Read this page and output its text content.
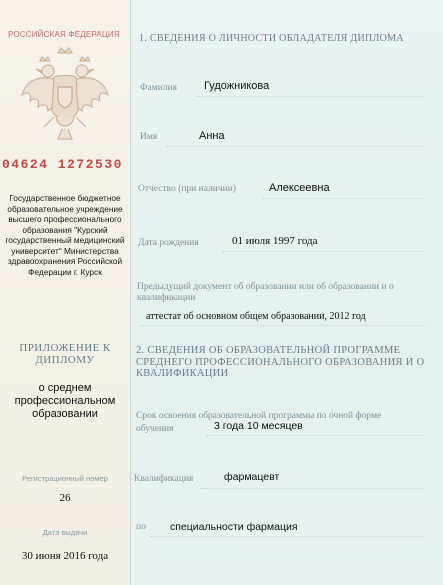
РОССИЙСКАЯ ФЕДЕРАЦИЯ
04624 1272530
Государственное бюджетное образовательное учреждение высшего профессионального образования "Курский государственный медицинский университет" Министерства здравоохранения Российской Федерации г. Курск
ПРИЛОЖЕНИЕ К ДИПЛОМУ
о среднем профессиональном образовании
Регистрационный номер
26
Дата выдачи
30 июня 2016 года
1. СВЕДЕНИЯ О ЛИЧНОСТИ ОБЛАДАТЕЛЯ ДИПЛОМА
Фамилия Гудожникова
Имя	Анна
Отчество (при наличии)	Алексеевна
Дата рождения	01 июля 1997 года
Предыдущий документ об образовании или об образовании и о квалификации
аттестат об основном общем образовании, 2012 год
2. СВЕДЕНИЯ ОБ ОБРАЗОВАТЕЛЬНОЙ ПРОГРАММЕ СРЕДНЕГО ПРОФЕССИОНАЛЬНОГО ОБРАЗОВАНИЯ И О КВАЛИФИКАЦИИ
Срок освоения образовательной программы по очной форме обучения	3 года 10 месяцев
Квалификация	фармацевт
по специальности фармация
